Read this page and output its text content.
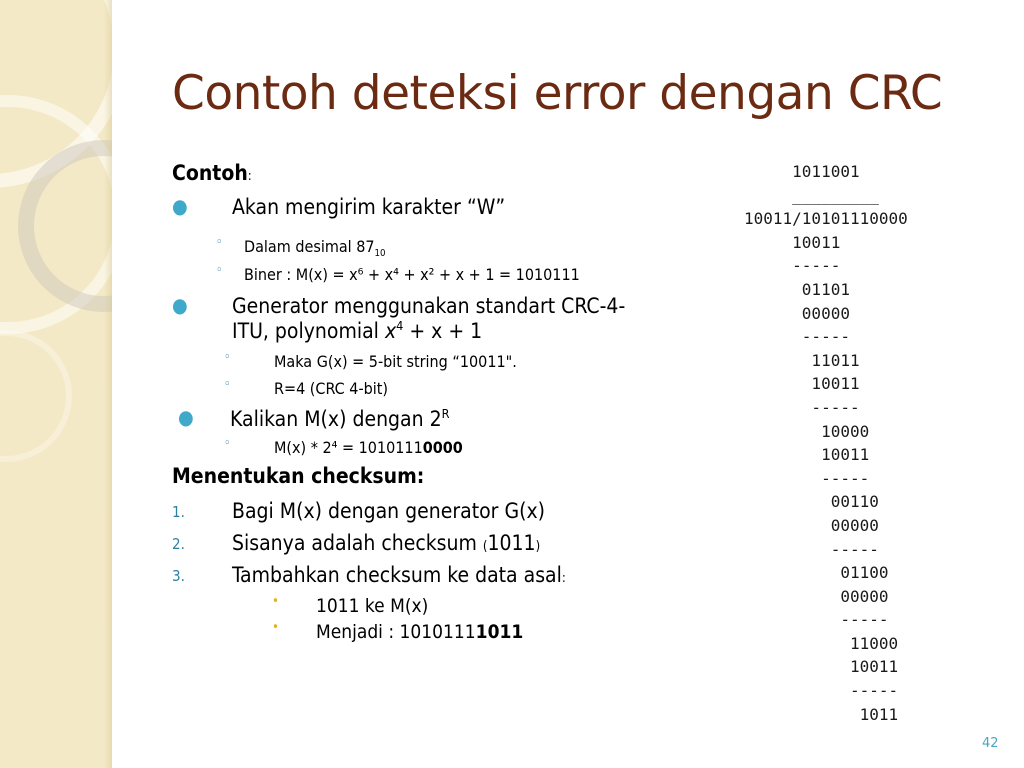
Contoh deteksi error dengan CRC
Contoh:
● Akan mengirim karakter “W”
◦ Dalam desimal $87_{10}$
◦ Biner : M(x) = x⁶ + x⁴ + x² + x + 1 = 1010111
● Generator menggunakan standart CRC-4-
ITU, polynomial $x^4 + x + 1$
◦	Maka G(x) = 5-bit string “10011".
◦	R=4 (CRC 4-bit)
● Kalikan M(x) dengan $2^R$
◦	M(x) * 2⁴ = 10101110000
Menentukan checksum:
1. Bagi M(x) dengan generator G(x)
2. Sisanya adalah checksum (1011)
3. Tambahkan checksum ke data asal:
• 1011 ke M(x)
• Menjadi : 10101111011
1011001
_________
10011/10101110000
10011
-----
01101
00000
-----
11011
10011
-----
10000
10011
-----
00110
00000
-----
01100
00000
-----
11000
10011
-----
1011
42
